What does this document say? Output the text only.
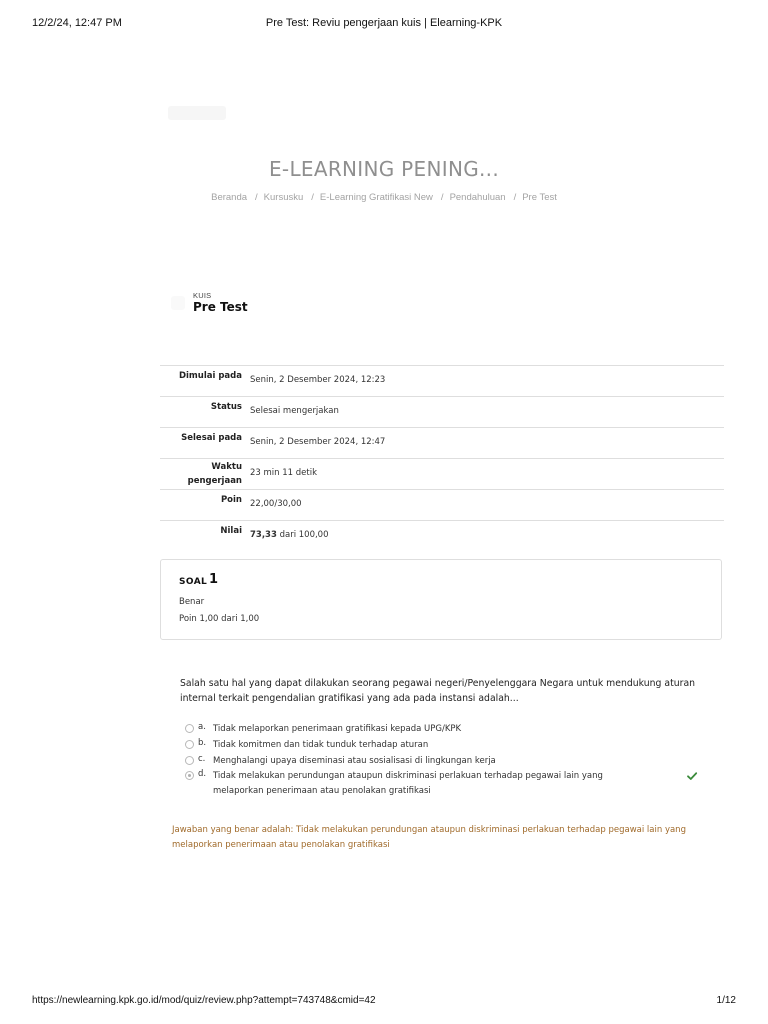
12/2/24, 12:47 PM	Pre Test: Reviu pengerjaan kuis | Elearning-KPK
E-LEARNING PENING...
Beranda / Kursusku / E-Learning Gratifikasi New / Pendahuluan / Pre Test
KUIS
Pre Test
Dimulai pada Senin, 2 Desember 2024, 12:23
Status Selesai mengerjakan
Selesai pada Senin, 2 Desember 2024, 12:47
Waktu pengerjaan
23 min 11 detik
Poin 22,00/30,00
Nilai 73,33 dari 100,00
SOAL 1
Benar
Poin 1,00 dari 1,00
Salah satu hal yang dapat dilakukan seorang pegawai negeri/Penyelenggara Negara untuk mendukung aturan internal terkait pengendalian gratifikasi yang ada pada instansi adalah...
a. Tidak melaporkan penerimaan gratifikasi kepada UPG/KPK
b. Tidak komitmen dan tidak tunduk terhadap aturan
c. Menghalangi upaya diseminasi atau sosialisasi di lingkungan kerja
d. Tidak melakukan perundungan ataupun diskriminasi perlakuan terhadap pegawai lain yang melaporkan penerimaan atau penolakan gratifikasi
Jawaban yang benar adalah: Tidak melakukan perundungan ataupun diskriminasi perlakuan terhadap pegawai lain yang melaporkan penerimaan atau penolakan gratifikasi
https://newlearning.kpk.go.id/mod/quiz/review.php?attempt=743748&cmid=42	1/12
